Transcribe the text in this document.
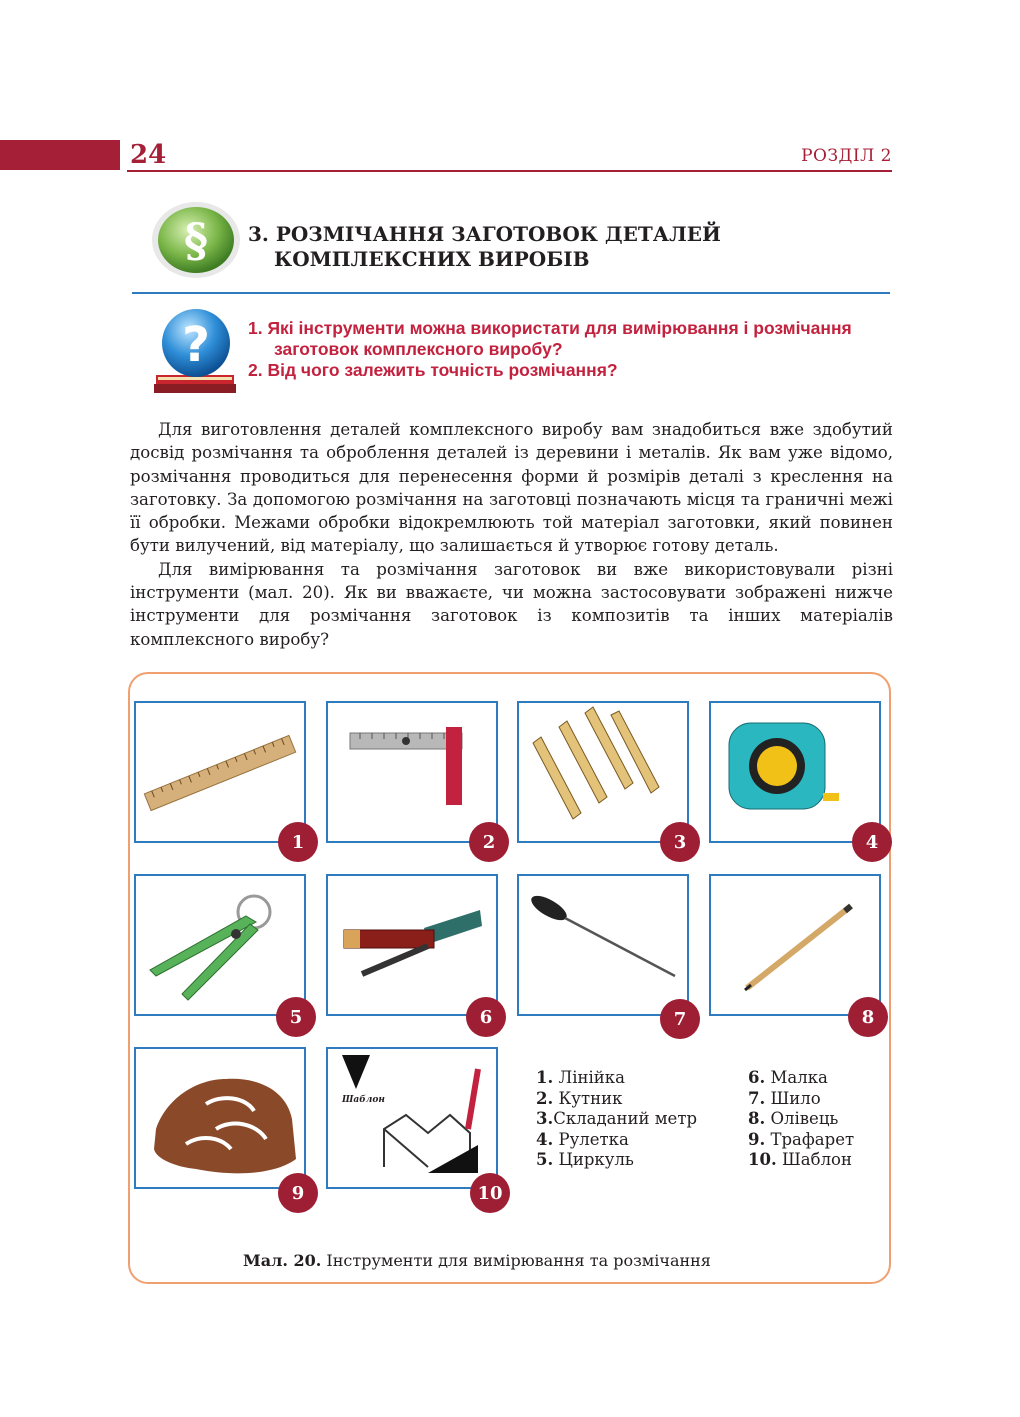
24	РОЗДІЛ 2
§ 3. РОЗМІЧАННЯ ЗАГОТОВОК ДЕТАЛЕЙ
КОМПЛЕКСНИХ ВИРОБІВ
? 1. Які інструменти можна використати для вимірювання і розмічання

заготовок комплексного виробу?
2. Від чого залежить точність розмічання?

Для виготовлення деталей комплексного виробу вам знадобиться вже здобутий досвід розмічання та оброблення деталей із деревини і металів. Як вам уже відомо, розмічання проводиться для перенесення форми й розмірів деталі з креслення на заготовку. За допомогою розмічання на заготовці позначають місця та граничні межі її обробки. Межами обробки відокремлюють той матеріал заготовки, який повинен бути вилучений, від матеріалу, що залишається й утворює готову деталь.

Для вимірювання та розмічання заготовок ви вже використовували різні інструменти (мал. 20). Як ви вважаєте, чи можна застосовувати зображені нижче інструменти для розмічання заготовок із композитів та інших матеріалів комплексного виробу?

1	2	3	4
5	6	7	8
9
Шаблон
10
1. Лінійка
2. Кутник
3.Складаний метр
4. Рулетка
5. Циркуль
6. Малка
7. Шило
8. Олівець
9. Трафарет
10. Шаблон
Мал. 20. Інструменти для вимірювання та розмічання
